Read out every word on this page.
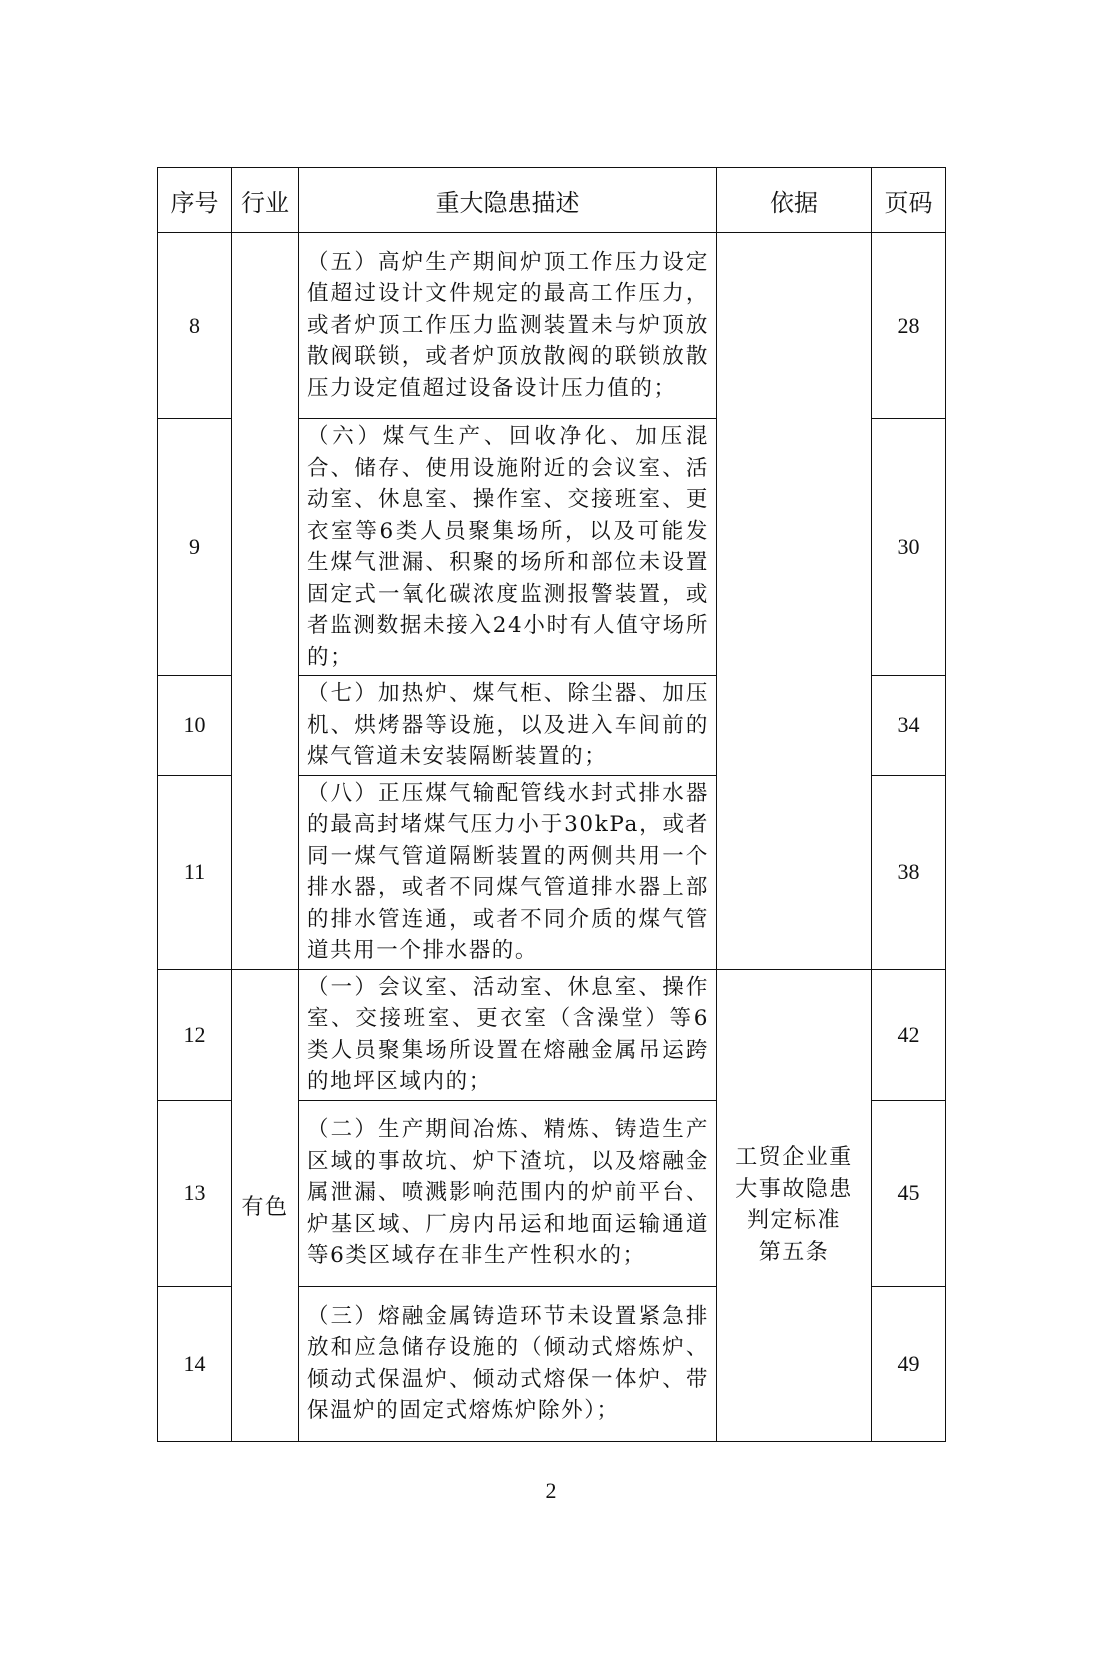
序号	行业	重大隐患描述	依据	页码
8		（五）高炉生产期间炉顶工作压力设定值超过设计文件规定的最高工作压力，或者炉顶工作压力监测装置未与炉顶放散阀联锁，或者炉顶放散阀的联锁放散压力设定值超过设备设计压力值的；		28
9		（六）煤气生产、回收净化、加压混合、储存、使用设施附近的会议室、活动室、休息室、操作室、交接班室、更衣室等6类人员聚集场所，以及可能发生煤气泄漏、积聚的场所和部位未设置固定式一氧化碳浓度监测报警装置，或者监测数据未接入24小时有人值守场所的；		30
10		（七）加热炉、煤气柜、除尘器、加压机、烘烤器等设施，以及进入车间前的煤气管道未安装隔断装置的；		34
11		（八）正压煤气输配管线水封式排水器的最高封堵煤气压力小于30kPa，或者同一煤气管道隔断装置的两侧共用一个排水器，或者不同煤气管道排水器上部的排水管连通，或者不同介质的煤气管道共用一个排水器的。		38
12	有色	（一）会议室、活动室、休息室、操作室、交接班室、更衣室（含澡堂）等6类人员聚集场所设置在熔融金属吊运跨的地坪区域内的；	工贸企业重
大事故隐患
判定标准
第五条	42
13		（二）生产期间冶炼、精炼、铸造生产区域的事故坑、炉下渣坑，以及熔融金属泄漏、喷溅影响范围内的炉前平台、炉基区域、厂房内吊运和地面运输通道等6类区域存在非生产性积水的；		45
14		（三）熔融金属铸造环节未设置紧急排放和应急储存设施的（倾动式熔炼炉、倾动式保温炉、倾动式熔保一体炉、带保温炉的固定式熔炼炉除外）；		49
2
